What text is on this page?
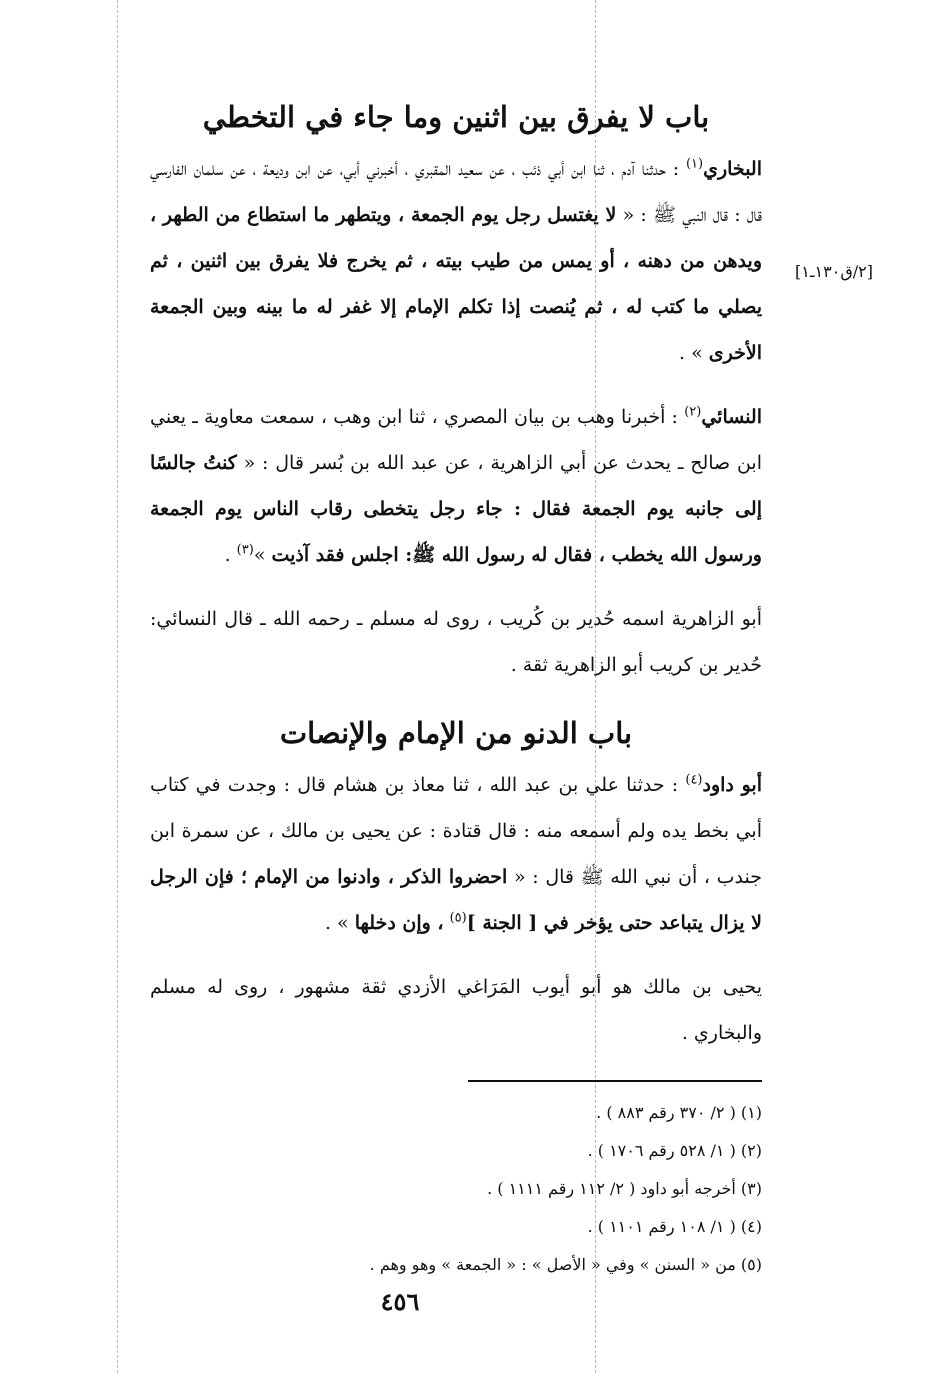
[٢/ق١٣٠ـ١]
باب لا يفرق بين اثنين وما جاء في التخطي

البخاري$^{(١)}$ : حدثنا آدم ، ثنا ابن أبي ذئب ، عن سعيد المقبري ، أخبرني أبي، عن ابن وديعة ، عن سلمان الفارسي قال : قال النبي ﷺ : « لا يغتسل رجل يوم الجمعة ، ويتطهر ما استطاع من الطهر ، ويدهن من دهنه ، أو يمس من طيب بيته ، ثم يخرج فلا يفرق بين اثنين ، ثم يصلي ما كتب له ، ثم يُنصت إذا تكلم الإمام إلا غفر له ما بينه وبين الجمعة الأخرى » .

النسائي$^{(٢)}$ : أخبرنا وهب بن بيان المصري ، ثنا ابن وهب ، سمعت معاوية ـ يعني ابن صالح ـ يحدث عن أبي الزاهرية ، عن عبد الله بن بُسر قال : « كنتُ جالسًا إلى جانبه يوم الجمعة فقال : جاء رجل يتخطى رقاب الناس يوم الجمعة ورسول الله يخطب ، فقال له رسول الله ﷺ: اجلس فقد آذيت »$^{(٣)}$ .

أبو الزاهرية اسمه حُدير بن كُريب ، روى له مسلم ـ رحمه الله ـ قال النسائي: حُدير بن كريب أبو الزاهرية ثقة .

باب الدنو من الإمام والإنصات

أبو داود$^{(٤)}$ : حدثنا علي بن عبد الله ، ثنا معاذ بن هشام قال : وجدت في كتاب أبي بخط يده ولم أسمعه منه : قال قتادة : عن يحيى بن مالك ، عن سمرة ابن جندب ، أن نبي الله ﷺ قال : « احضروا الذكر ، وادنوا من الإمام ؛ فإن الرجل لا يزال يتباعد حتى يؤخر في [ الجنة ]$^{(٥)}$ ، وإن دخلها » .

يحيى بن مالك هو أبو أيوب المَرَاغي الأزدي ثقة مشهور ، روى له مسلم والبخاري .

(١) ( ٢/ ٣٧٠ رقم ٨٨٣ ) .
(٢) ( ١/ ٥٢٨ رقم ١٧٠٦ ) .
(٣) أخرجه أبو داود ( ٢/ ١١٢ رقم ١١١١ ) .
(٤) ( ١/ ١٠٨ رقم ١١٠١ ) .
(٥) من « السنن » وفي « الأصل » : « الجمعة » وهو وهم .
٤٥٦
